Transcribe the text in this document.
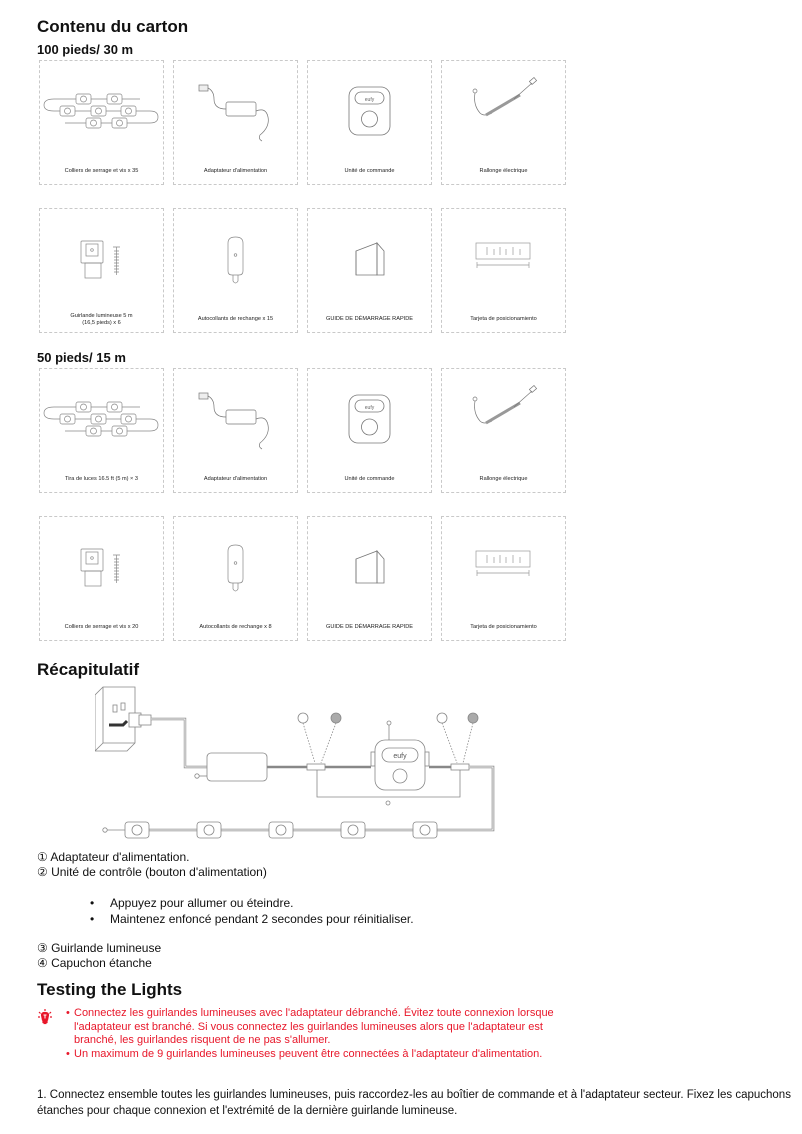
Contenu du carton
100 pieds/ 30 m
Colliers de serrage et vis x 35	Adaptateur d'alimentation	Unité de commande	Rallonge électrique
Guirlande lumineuse 5 m (16,5 pieds) x 6
Autocollants de rechange x 15	GUIDE DE DÉMARRAGE RAPIDE	Tarjeta de posicionamiento
50 pieds/ 15 m
Tira de luces 16.5 ft (5 m) × 3	Adaptateur d'alimentation	Unité de commande	Rallonge électrique
Colliers de serrage et vis x 20	Autocollants de rechange x 8	GUIDE DE DÉMARRAGE RAPIDE	Tarjeta de posicionamiento
Récapitulatif
eufy
① Adaptateur d'alimentation.
② Unité de contrôle (bouton d'alimentation)
• Appuyez pour allumer ou éteindre.
• Maintenez enfoncé pendant 2 secondes pour réinitialiser.
③ Guirlande lumineuse
④ Capuchon étanche
Testing the Lights
• Connectez les guirlandes lumineuses avec l'adaptateur débranché. Évitez toute connexion lorsque l'adaptateur est branché. Si vous connectez les guirlandes lumineuses alors que l'adaptateur est branché, les guirlandes risquent de ne pas s'allumer.
• Un maximum de 9 guirlandes lumineuses peuvent être connectées à l'adaptateur d'alimentation.
1. Connectez ensemble toutes les guirlandes lumineuses, puis raccordez-les au boîtier de commande et à l'adaptateur secteur. Fixez les capuchons étanches pour chaque connexion et l'extrémité de la dernière guirlande lumineuse.
